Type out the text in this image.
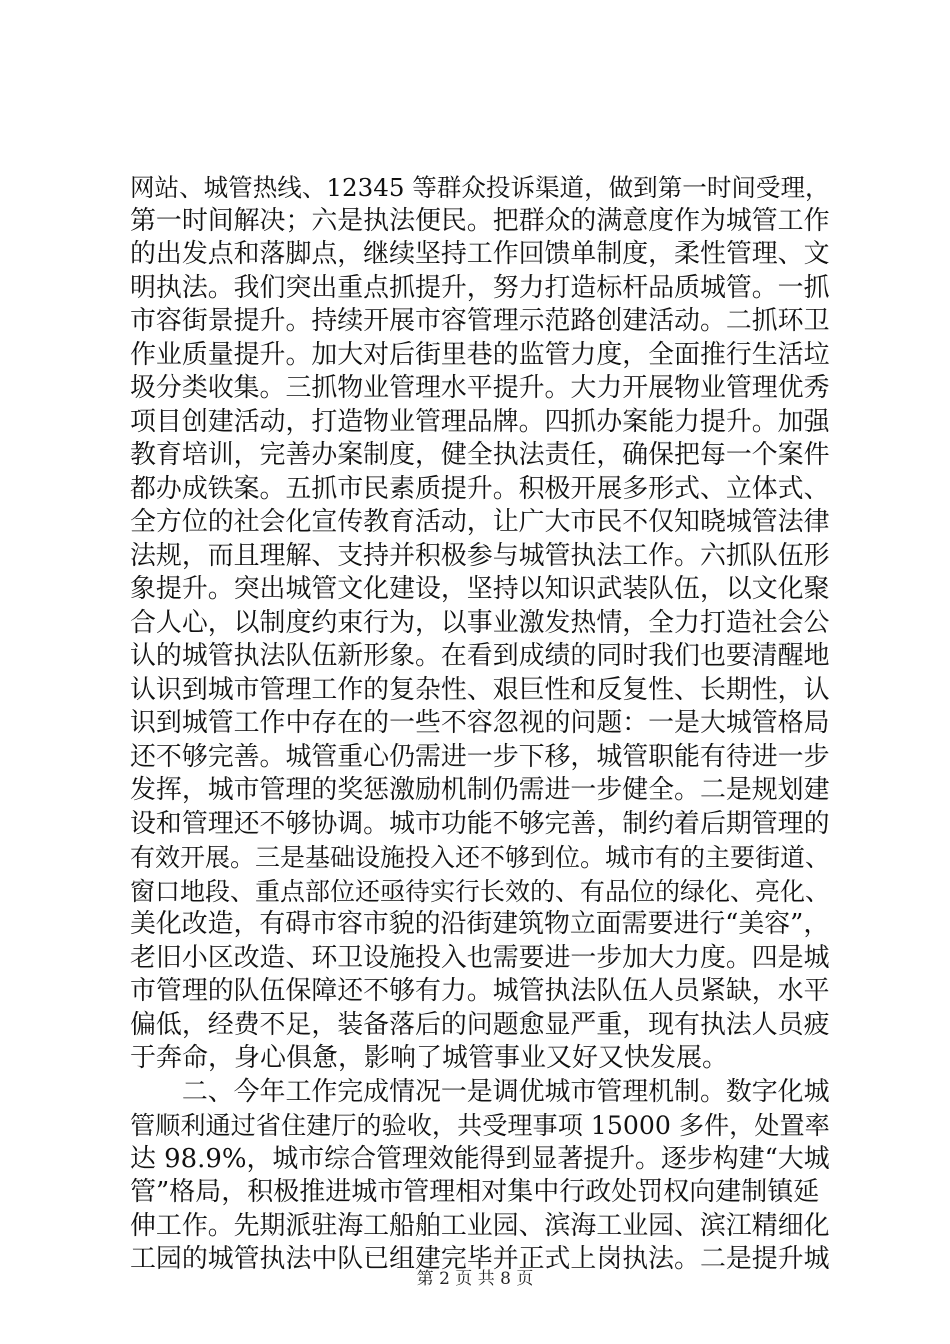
网站、城管热线、12345 等群众投诉渠道，做到第一时间受理，
第一时间解决；六是执法便民。把群众的满意度作为城管工作
的出发点和落脚点，继续坚持工作回馈单制度，柔性管理、文
明执法。我们突出重点抓提升，努力打造标杆品质城管。一抓
市容街景提升。持续开展市容管理示范路创建活动。二抓环卫
作业质量提升。加大对后街里巷的监管力度，全面推行生活垃
圾分类收集。三抓物业管理水平提升。大力开展物业管理优秀
项目创建活动，打造物业管理品牌。四抓办案能力提升。加强
教育培训，完善办案制度，健全执法责任，确保把每一个案件
都办成铁案。五抓市民素质提升。积极开展多形式、立体式、
全方位的社会化宣传教育活动，让广大市民不仅知晓城管法律
法规，而且理解、支持并积极参与城管执法工作。六抓队伍形
象提升。突出城管文化建设，坚持以知识武装队伍，以文化聚
合人心，以制度约束行为，以事业激发热情，全力打造社会公
认的城管执法队伍新形象。在看到成绩的同时我们也要清醒地
认识到城市管理工作的复杂性、艰巨性和反复性、长期性，认
识到城管工作中存在的一些不容忽视的问题：一是大城管格局
还不够完善。城管重心仍需进一步下移，城管职能有待进一步
发挥，城市管理的奖惩激励机制仍需进一步健全。二是规划建
设和管理还不够协调。城市功能不够完善，制约着后期管理的
有效开展。三是基础设施投入还不够到位。城市有的主要街道、
窗口地段、重点部位还亟待实行长效的、有品位的绿化、亮化、
美化改造，有碍市容市貌的沿街建筑物立面需要进行“美容”，
老旧小区改造、环卫设施投入也需要进一步加大力度。四是城
市管理的队伍保障还不够有力。城管执法队伍人员紧缺，水平
偏低，经费不足，装备落后的问题愈显严重，现有执法人员疲
于奔命，身心俱惫，影响了城管事业又好又快发展。
　　二、今年工作完成情况一是调优城市管理机制。数字化城
管顺利通过省住建厅的验收，共受理事项 15000 多件，处置率
达 98.9%，城市综合管理效能得到显著提升。逐步构建“大城
管”格局，积极推进城市管理相对集中行政处罚权向建制镇延
伸工作。先期派驻海工船舶工业园、滨海工业园、滨江精细化
工园的城管执法中队已组建完毕并正式上岗执法。二是提升城
第 2 页 共 8 页
